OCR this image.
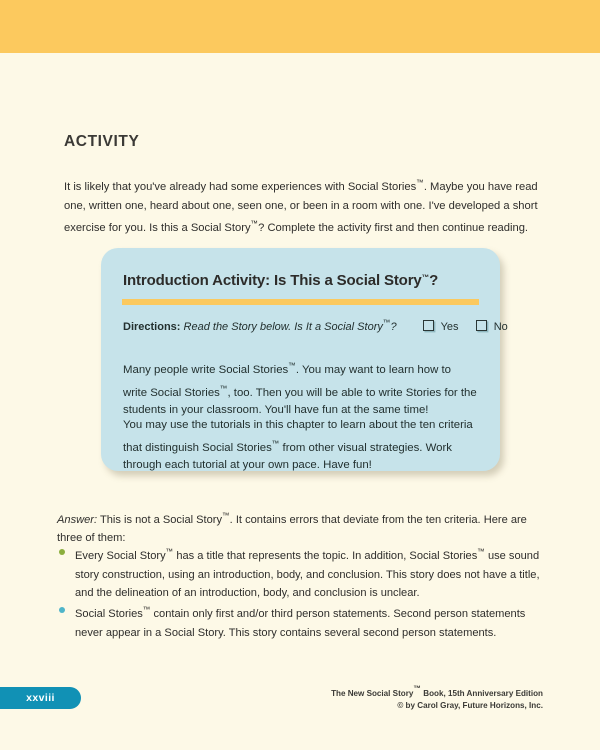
ACTIVITY

It is likely that you've already had some experiences with Social Stories™. Maybe you have read one, written one, heard about one, seen one, or been in a room with one. I've developed a short exercise for you. Is this a Social Story™? Complete the activity first and then continue reading.

Introduction Activity: Is This a Social Story™?
Directions: Read the Story below. Is It a Social Story™?	Yes	No

Many people write Social Stories™. You may want to learn how to write Social Stories™, too. Then you will be able to write Stories for the students in your classroom. You'll have fun at the same time!

You may use the tutorials in this chapter to learn about the ten criteria that distinguish Social Stories™ from other visual strategies. Work through each tutorial at your own pace. Have fun!

Answer: This is not a Social Story™. It contains errors that deviate from the ten criteria. Here are three of them:

Every Social Story™ has a title that represents the topic. In addition, Social Stories™ use sound story construction, using an introduction, body, and conclusion. This story does not have a title, and the delineation of an introduction, body, and conclusion is unclear.
Social Stories™ contain only first and/or third person statements. Second person statements never appear in a Social Story. This story contains several second person statements.
xxviii	The New Social Story™ Book, 15th Anniversary Edition
© by Carol Gray, Future Horizons, Inc.
